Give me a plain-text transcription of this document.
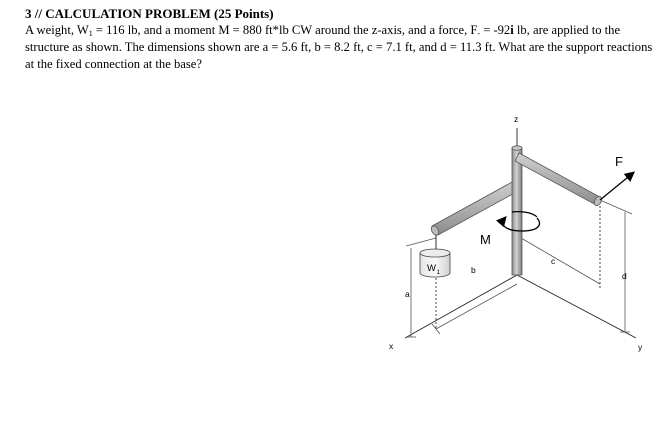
3 // CALCULATION PROBLEM (25 Points)
A weight, $W_1 = 116$ lb, and a moment M = 880 ft*lb CW around the z-axis, and a force, $F_- = -92i$ lb, are applied to the structure as shown. The dimensions shown are a = 5.6 ft, b = 8.2 ft, c = 7.1 ft, and d = 11.3 ft. What are the support reactions at the fixed connection at the base?
W 1
z
x	y
F
M
a
b
c
d
